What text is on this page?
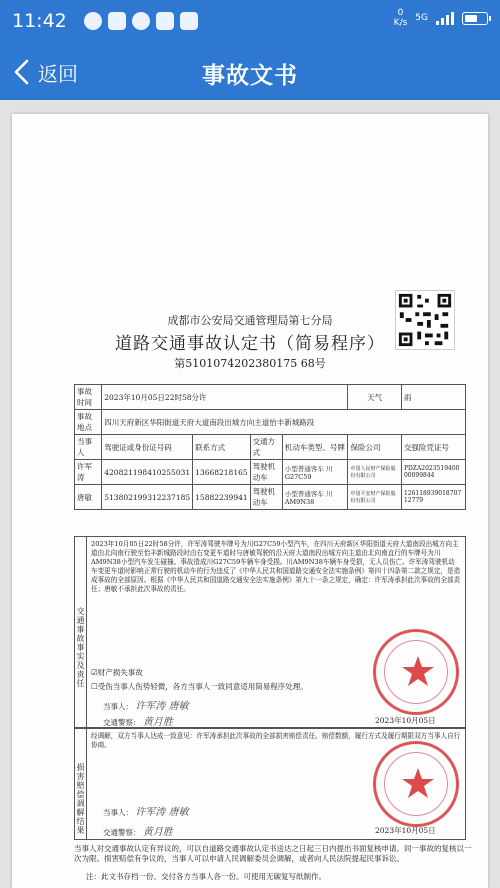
11:42	0
K/s 5G
返回	事故文书
成都市公安局交通管理局第七分局
道路交通事故认定书（简易程序）
第5101074202380175 68号
事故时间	2023年10月05日22时58分许				天气	雨
事故地点	四川天府新区华阳街道天府大道南段出城方向主道怡丰新城路段					
当事人	驾驶证或身份证号码	联系方式	交通方式	机动车类型、号牌	保险公司	交强险凭证号
许军涛	420821198410255031	13668218165	驾驶机动车	小型普通客车 川G27C59	中国人民财产保险股份有限公司	PDZA202351940000099844
唐敏	513802199312237185	15882239941	驾驶机动车	小型普通客车 川AM9N38	中国平安财产保险股份有限公司	12611893901870712779
交通事故事实及责任
2023年10月05日22时58分许，许军涛驾驶车牌号为川G27C59小型汽车，在四川天府新区华阳街道天府大道南段出城方向主道由北向南行驶至怡丰新城路段时由右变更车道时与唐敏驾驶的沿天府大道南段出城方向主道由北向南直行的车牌号为川AM9N38小型汽车发生碰撞。事故造成川G27C59车辆车身受损。川AM9N38车辆车身受损，无人员伤亡。许军涛驾驶机动车变更车道时影响正常行驶的机动车的行为违反了《中华人民共和国道路交通安全法实施条例》第四十四条第二款之规定，是造成事故的全部原因。根据《中华人民共和国道路交通安全法实施条例》第九十一条之规定，确定：许军涛承担此次事故的全部责任；唐敏不承担此次事故的责任。
☑财产损失事故
☐受伤当事人伤势轻微，各方当事人一致同意适用简易程序处理。
当事人： 许军涛 唐敏
交通警察： 黄月胜	2023年10月05日
损害赔偿调解结果
经调解，双方当事人达成一致意见：许军涛承担此次事故的全部损害赔偿责任。赔偿数额，履行方式及履行期限双方当事人自行协商。
当事人： 许军涛 唐敏
交通警察： 黄月胜	2023年10月05日
当事人对交通事故认定有异议的，可以自道路交通事故认定书送达之日起三日内提出书面复核申请。同一事故的复核以一次为限。损害赔偿有争议的，当事人可以申请人民调解委员会调解，或者向人民法院提起民事诉讼。
注：此文书存档一份、交付各方当事人各一份。可使用无碳复写纸制作。
